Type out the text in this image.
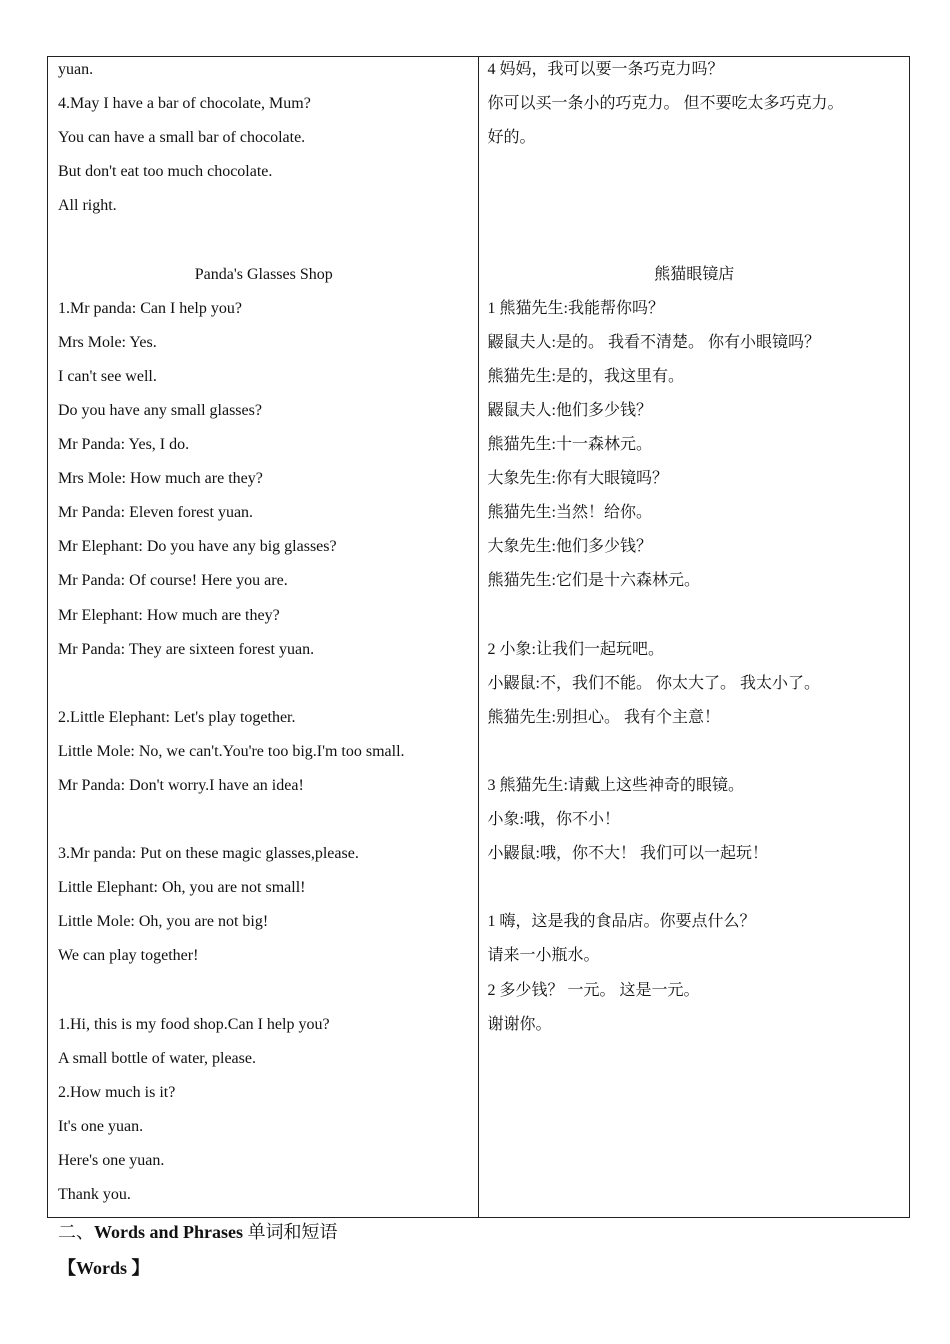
yuan.
4.May I have a bar of chocolate, Mum?
You can have a small bar of chocolate.
But don't eat too much chocolate.
All right.
Panda's Glasses Shop
1.Mr panda: Can I help you?
Mrs Mole: Yes.
I can't see well.
Do you have any small glasses?
Mr Panda: Yes, I do.
Mrs Mole: How much are they?
Mr Panda: Eleven forest yuan.
Mr Elephant: Do you have any big glasses?
Mr Panda: Of course! Here you are.
Mr Elephant: How much are they?
Mr Panda: They are sixteen forest yuan.
2.Little Elephant: Let's play together.
Little Mole: No, we can't.You're too big.I'm too small.
Mr Panda: Don't worry.I have an idea!
3.Mr panda: Put on these magic glasses,please.
Little Elephant: Oh, you are not small!
Little Mole: Oh, you are not big!
We can play together!
1.Hi, this is my food shop.Can I help you?
A small bottle of water, please.
2.How much is it?
It's one yuan.
Here's one yuan.
Thank you.
4 妈妈，我可以要一条巧克力吗？
你可以买一条小的巧克力。 但不要吃太多巧克力。
好的。
熊猫眼镜店
1 熊猫先生:我能帮你吗？
鼹鼠夫人:是的。 我看不清楚。 你有小眼镜吗？
熊猫先生:是的，我这里有。
鼹鼠夫人:他们多少钱？
熊猫先生:十一森林元。
大象先生:你有大眼镜吗？
熊猫先生:当然！给你。
大象先生:他们多少钱？
熊猫先生:它们是十六森林元。
2 小象:让我们一起玩吧。
小鼹鼠:不，我们不能。 你太大了。 我太小了。
熊猫先生:别担心。 我有个主意！
3 熊猫先生:请戴上这些神奇的眼镜。
小象:哦，你不小！
小鼹鼠:哦，你不大！ 我们可以一起玩！
1 嗨，这是我的食品店。你要点什么？
请来一小瓶水。
2 多少钱？ 一元。 这是一元。
谢谢你。
二、Words and Phrases 单词和短语
【Words 】
